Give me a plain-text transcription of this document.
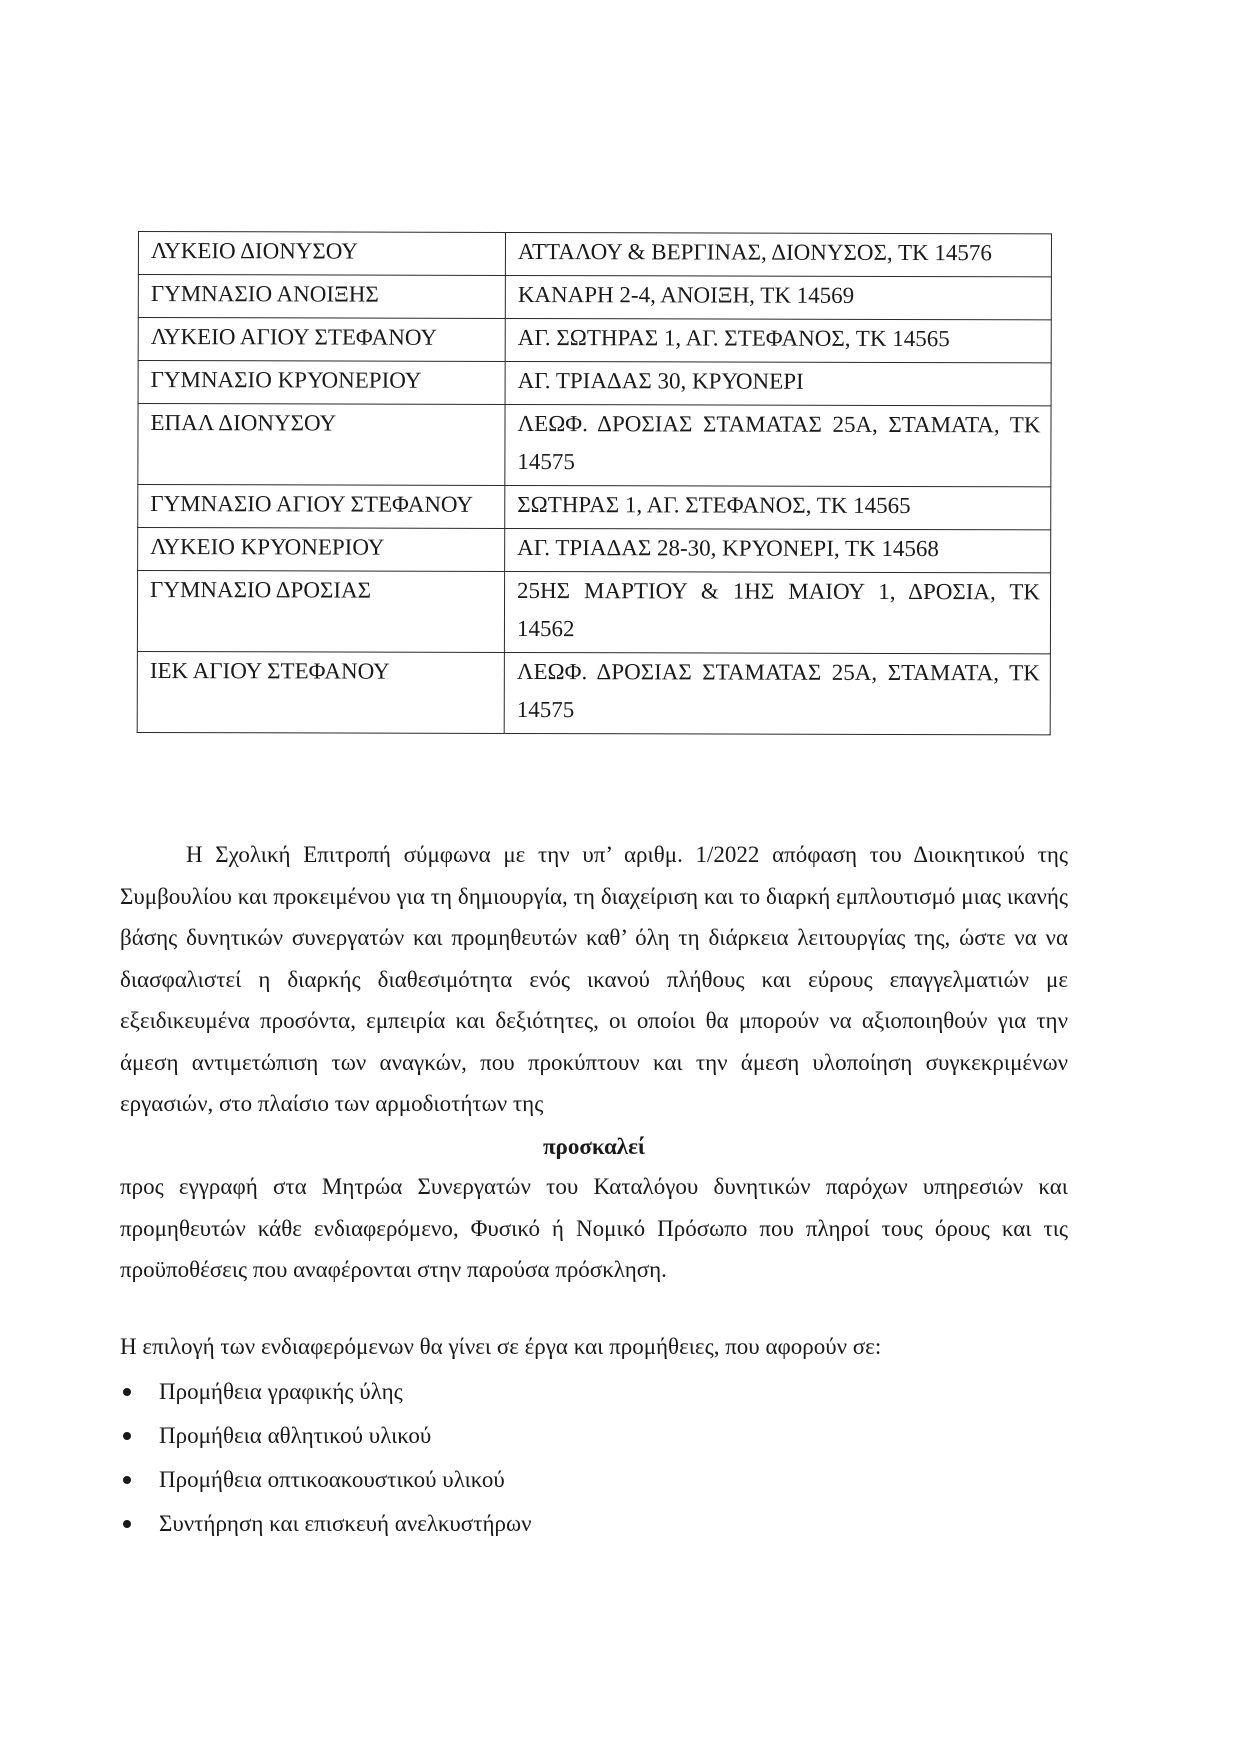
ΛΥΚΕΙΟ ΔΙΟΝΥΣΟΥ	ΑΤΤΑΛΟΥ & ΒΕΡΓΙΝΑΣ, ΔΙΟΝΥΣΟΣ, ΤΚ 14576
ΓΥΜΝΑΣΙΟ ΑΝΟΙΞΗΣ	ΚΑΝΑΡΗ 2-4, ΑΝΟΙΞΗ, ΤΚ 14569
ΛΥΚΕΙΟ ΑΓΙΟΥ ΣΤΕΦΑΝΟΥ	ΑΓ. ΣΩΤΗΡΑΣ 1, ΑΓ. ΣΤΕΦΑΝΟΣ, ΤΚ 14565
ΓΥΜΝΑΣΙΟ ΚΡΥΟΝΕΡΙΟΥ	ΑΓ. ΤΡΙΑΔΑΣ 30, ΚΡΥΟΝΕΡΙ
ΕΠΑΛ ΔΙΟΝΥΣΟΥ	ΛΕΩΦ. ΔΡΟΣΙΑΣ ΣΤΑΜΑΤΑΣ 25Α, ΣΤΑΜΑΤΑ, ΤΚ 14575
ΓΥΜΝΑΣΙΟ ΑΓΙΟΥ ΣΤΕΦΑΝΟΥ	ΣΩΤΗΡΑΣ 1, ΑΓ. ΣΤΕΦΑΝΟΣ, ΤΚ 14565
ΛΥΚΕΙΟ ΚΡΥΟΝΕΡΙΟΥ	ΑΓ. ΤΡΙΑΔΑΣ 28-30, ΚΡΥΟΝΕΡΙ, ΤΚ 14568
ΓΥΜΝΑΣΙΟ ΔΡΟΣΙΑΣ	25ΗΣ ΜΑΡΤΙΟΥ & 1ΗΣ ΜΑΙΟΥ 1, ΔΡΟΣΙΑ, ΤΚ 14562
ΙΕΚ ΑΓΙΟΥ ΣΤΕΦΑΝΟΥ	ΛΕΩΦ. ΔΡΟΣΙΑΣ ΣΤΑΜΑΤΑΣ 25Α, ΣΤΑΜΑΤΑ, ΤΚ 14575

Η Σχολική Επιτροπή σύμφωνα με την υπ’ αριθμ. 1/2022 απόφαση του Διοικητικού της Συμβουλίου και προκειμένου για τη δημιουργία, τη διαχείριση και το διαρκή εμπλουτισμό μιας ικανής βάσης δυνητικών συνεργατών και προμηθευτών καθ’ όλη τη διάρκεια λειτουργίας της, ώστε να να διασφαλιστεί η διαρκής διαθεσιμότητα ενός ικανού πλήθους και εύρους επαγγελματιών με εξειδικευμένα προσόντα, εμπειρία και δεξιότητες, οι οποίοι θα μπορούν να αξιοποιηθούν για την άμεση αντιμετώπιση των αναγκών, που προκύπτουν και την άμεση υλοποίηση συγκεκριμένων εργασιών, στο πλαίσιο των αρμοδιοτήτων της

προσκαλεί

προς εγγραφή στα Μητρώα Συνεργατών του Καταλόγου δυνητικών παρόχων υπηρεσιών και προμηθευτών κάθε ενδιαφερόμενο, Φυσικό ή Νομικό Πρόσωπο που πληροί τους όρους και τις προϋποθέσεις που αναφέρονται στην παρούσα πρόσκληση.

Η επιλογή των ενδιαφερόμενων θα γίνει σε έργα και προμήθειες, που αφορούν σε:

Προμήθεια γραφικής ύλης
Προμήθεια αθλητικού υλικού
Προμήθεια οπτικοακουστικού υλικού
Συντήρηση και επισκευή ανελκυστήρων
